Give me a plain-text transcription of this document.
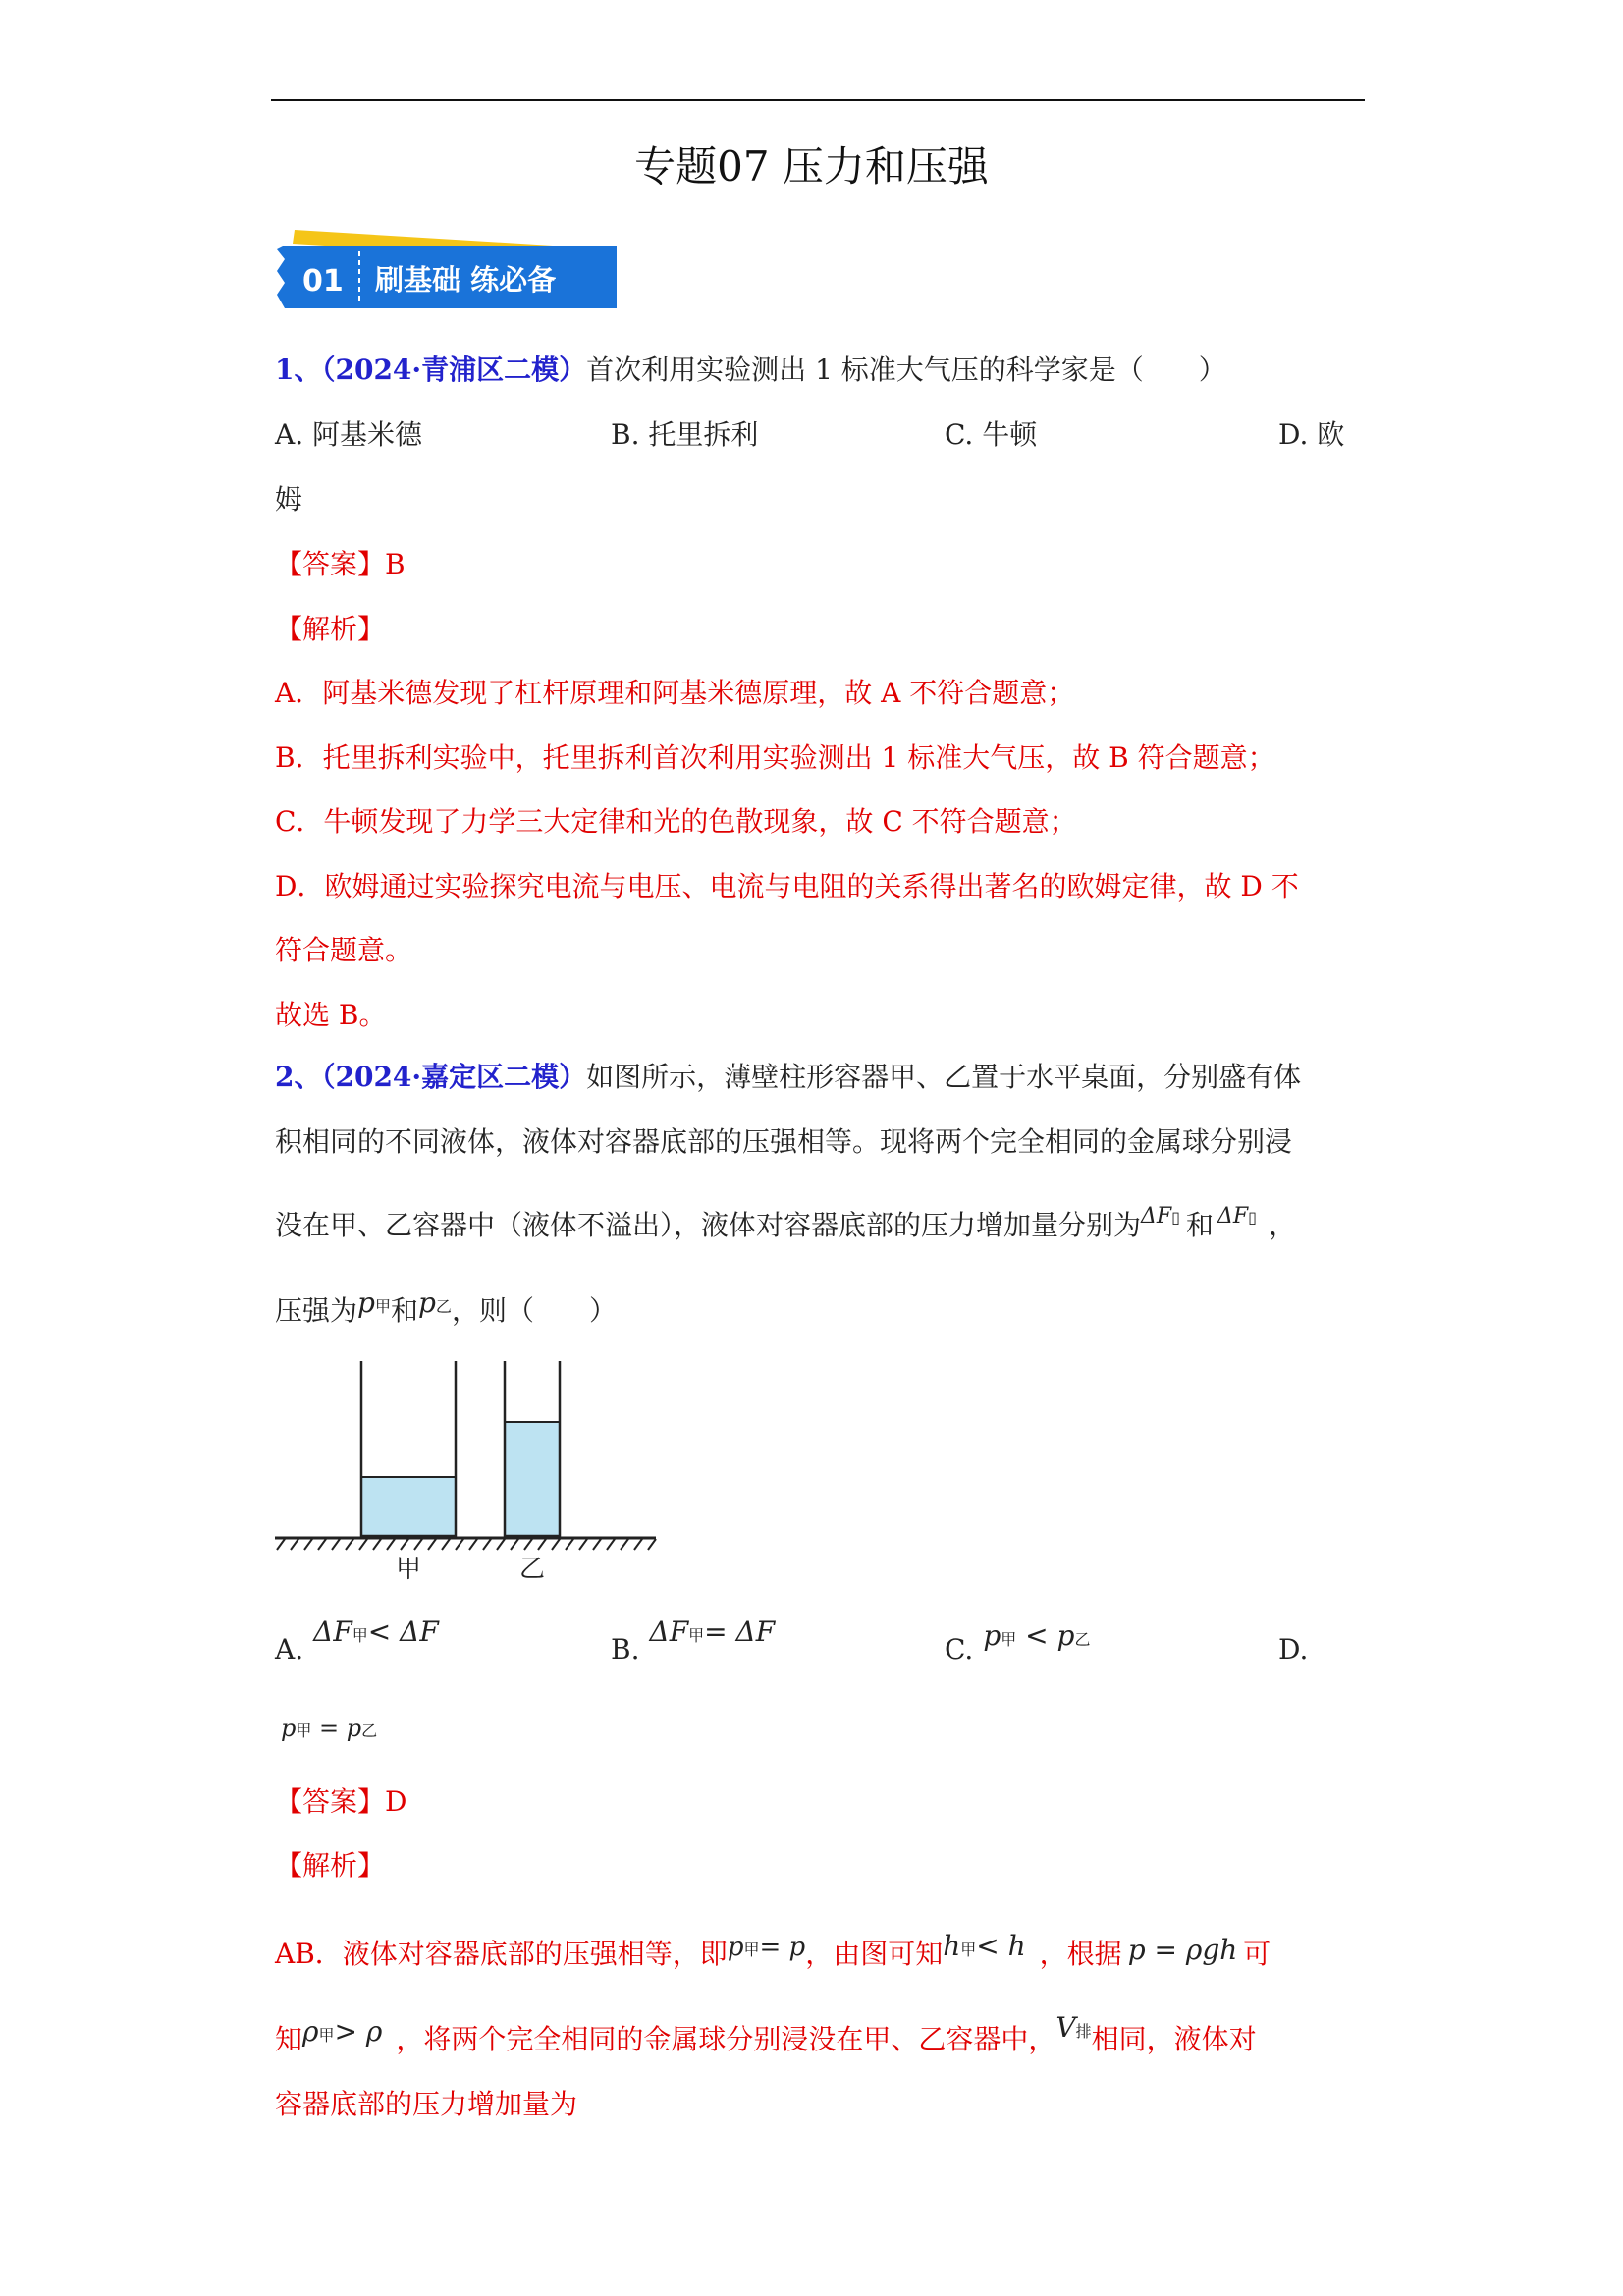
专题07 压力和压强
01 刷基础 练必备
1、（2024·青浦区二模）首次利用实验测出 1 标准大气压的科学家是（　　）
A. 阿基米德	B. 托里拆利	C. 牛顿	D. 欧
姆
【答案】B
【解析】
A．阿基米德发现了杠杆原理和阿基米德原理，故 A 不符合题意；
B．托里拆利实验中，托里拆利首次利用实验测出 1 标准大气压，故 B 符合题意；
C．牛顿发现了力学三大定律和光的色散现象，故 C 不符合题意；
D．欧姆通过实验探究电流与电压、电流与电阻的关系得出著名的欧姆定律，故 D 不
符合题意。
故选 B。
2、（2024·嘉定区二模）如图所示，薄壁柱形容器甲、乙置于水平桌面，分别盛有体
积相同的不同液体，液体对容器底部的压强相等。现将两个完全相同的金属球分别浸
没在甲、乙容器中（液体不溢出），液体对容器底部的压力增加量分别为$^{\Delta F▯}$ 和 $^{\Delta F▯}$ ，
压强为p甲和p乙，则（　　）
甲	乙
A.ΔF甲< ΔF
B.ΔF甲= ΔF
C. p甲 < p乙	D.
p甲 = p乙
【答案】D
【解析】
AB．液体对容器底部的压强相等，即p甲= p，由图可知h甲< h ，根据 p = ρgh 可
知ρ甲> ρ ，将两个完全相同的金属球分别浸没在甲、乙容器中，V排相同，液体对
容器底部的压力增加量为
